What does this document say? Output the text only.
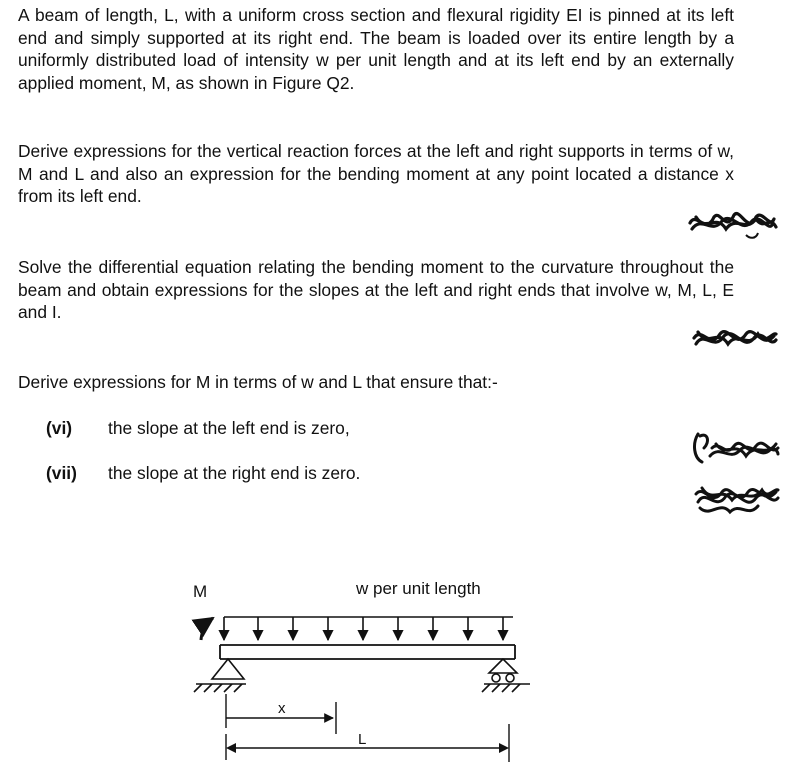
A beam of length, L, with a uniform cross section and flexural rigidity EI is pinned at its left end and simply supported at its right end. The beam is loaded over its entire length by a uniformly distributed load of intensity w per unit length and at its left end by an externally applied moment, M, as shown in Figure Q2.

Derive expressions for the vertical reaction forces at the left and right supports in terms of w, M and L and also an expression for the bending moment at any point located a distance x from its left end.

Solve the differential equation relating the bending moment to the curvature throughout the beam and obtain expressions for the slopes at the left and right ends that involve w, M, L, E and I.

Derive expressions for M in terms of w and L that ensure that:-

(vi) the slope at the left end is zero,
(vii) the slope at the right end is zero.
M	w per unit length
x
L
